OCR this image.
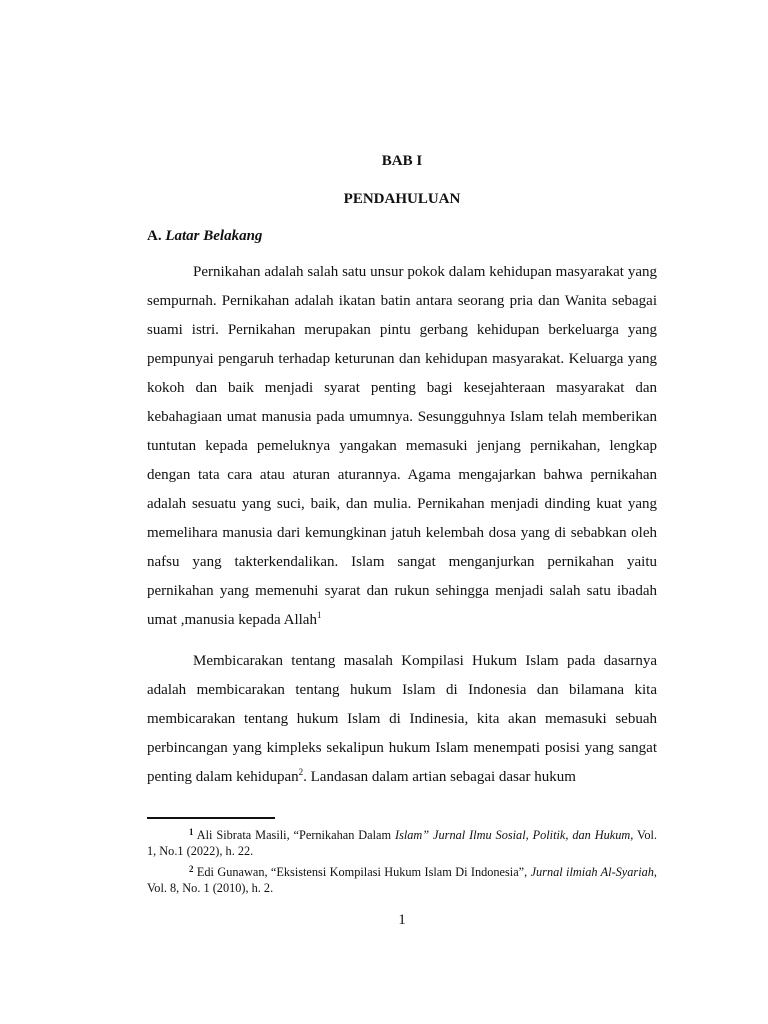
BAB I
PENDAHULUAN
A. Latar Belakang

Pernikahan adalah salah satu unsur pokok dalam kehidupan masyarakat yang sempurnah. Pernikahan adalah ikatan batin antara seorang pria dan Wanita sebagai suami istri. Pernikahan merupakan pintu gerbang kehidupan berkeluarga yang pempunyai pengaruh terhadap keturunan dan kehidupan masyarakat. Keluarga yang kokoh dan baik menjadi syarat penting bagi kesejahteraan masyarakat dan kebahagiaan umat manusia pada umumnya. Sesungguhnya Islam telah memberikan tuntutan kepada pemeluknya yangakan memasuki jenjang pernikahan, lengkap dengan tata cara atau aturan aturannya. Agama mengajarkan bahwa pernikahan adalah sesuatu yang suci, baik, dan mulia. Pernikahan menjadi dinding kuat yang memelihara manusia dari kemungkinan jatuh kelembah dosa yang di sebabkan oleh nafsu yang takterkendalikan. Islam sangat menganjurkan pernikahan yaitu pernikahan yang memenuhi syarat dan rukun sehingga menjadi salah satu ibadah umat ,manusia kepada Allah$^1$

Membicarakan tentang masalah Kompilasi Hukum Islam pada dasarnya adalah membicarakan tentang hukum Islam di Indonesia dan bilamana kita membicarakan tentang hukum Islam di Indinesia, kita akan memasuki sebuah perbincangan yang kimpleks sekalipun hukum Islam menempati posisi yang sangat penting dalam kehidupan$^2$. Landasan dalam artian sebagai dasar hukum

$^1$ Ali Sibrata Masili, “Pernikahan Dalam Islam” Jurnal Ilmu Sosial, Politik, dan Hukum, Vol. 1, No.1 (2022), h. 22.

$^2$ Edi Gunawan, “Eksistensi Kompilasi Hukum Islam Di Indonesia”, Jurnal ilmiah Al-Syariah, Vol. 8, No. 1 (2010), h. 2.

1
